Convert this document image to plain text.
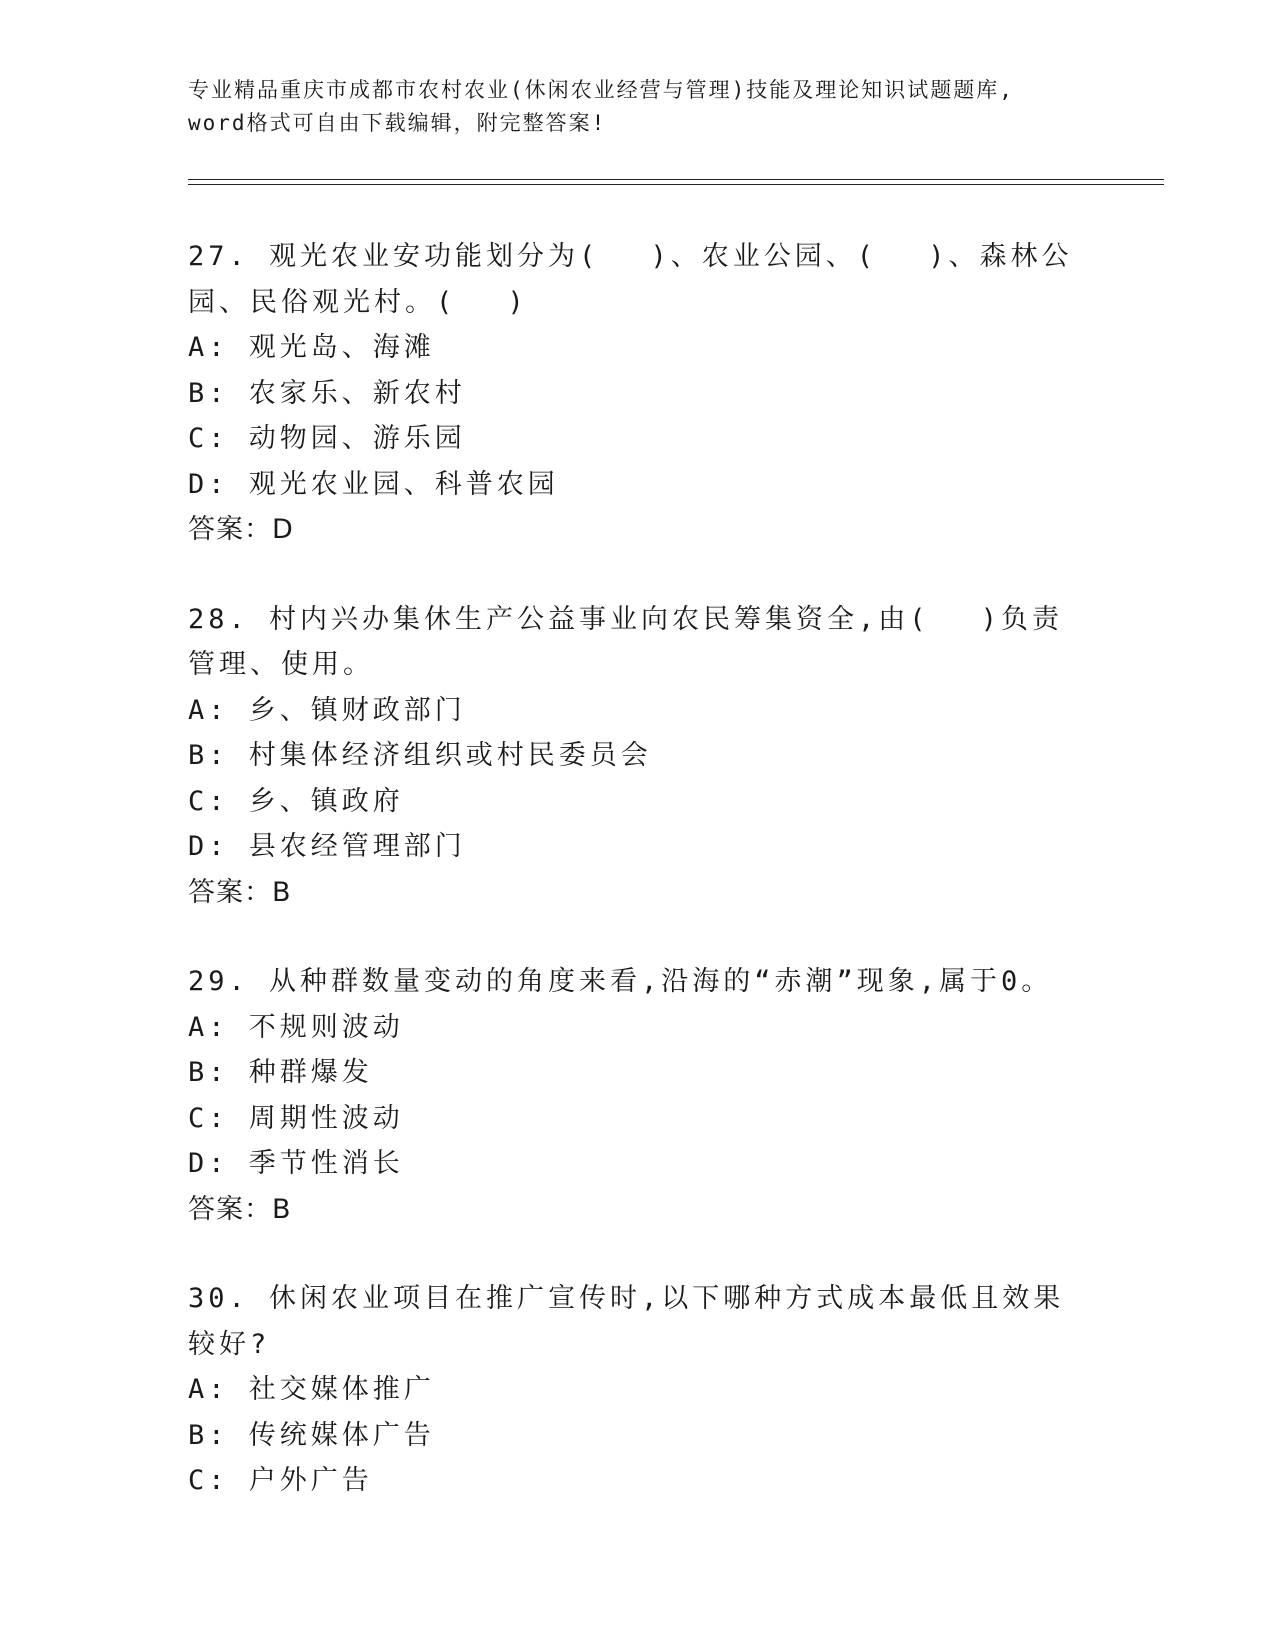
专业精品重庆市成都市农村农业(休闲农业经营与管理)技能及理论知识试题题库,
word格式可自由下载编辑，附完整答案!

27. 观光农业安功能划分为(　 )、农业公园、(　 )、森林公园、民俗观光村。(　 )

A: 观光岛、海滩

B: 农家乐、新农村

C: 动物园、游乐园

D: 观光农业园、科普农园

答案：D

28. 村内兴办集休生产公益事业向农民筹集资全,由(　 )负责管理、使用。

A: 乡、镇财政部门

B: 村集体经济组织或村民委员会

C: 乡、镇政府

D: 县农经管理部门

答案：B

29. 从种群数量变动的角度来看,沿海的“赤潮”现象,属于0。

A: 不规则波动

B: 种群爆发

C: 周期性波动

D: 季节性消长

答案：B

30. 休闲农业项目在推广宣传时,以下哪种方式成本最低且效果较好?

A: 社交媒体推广

B: 传统媒体广告

C: 户外广告
